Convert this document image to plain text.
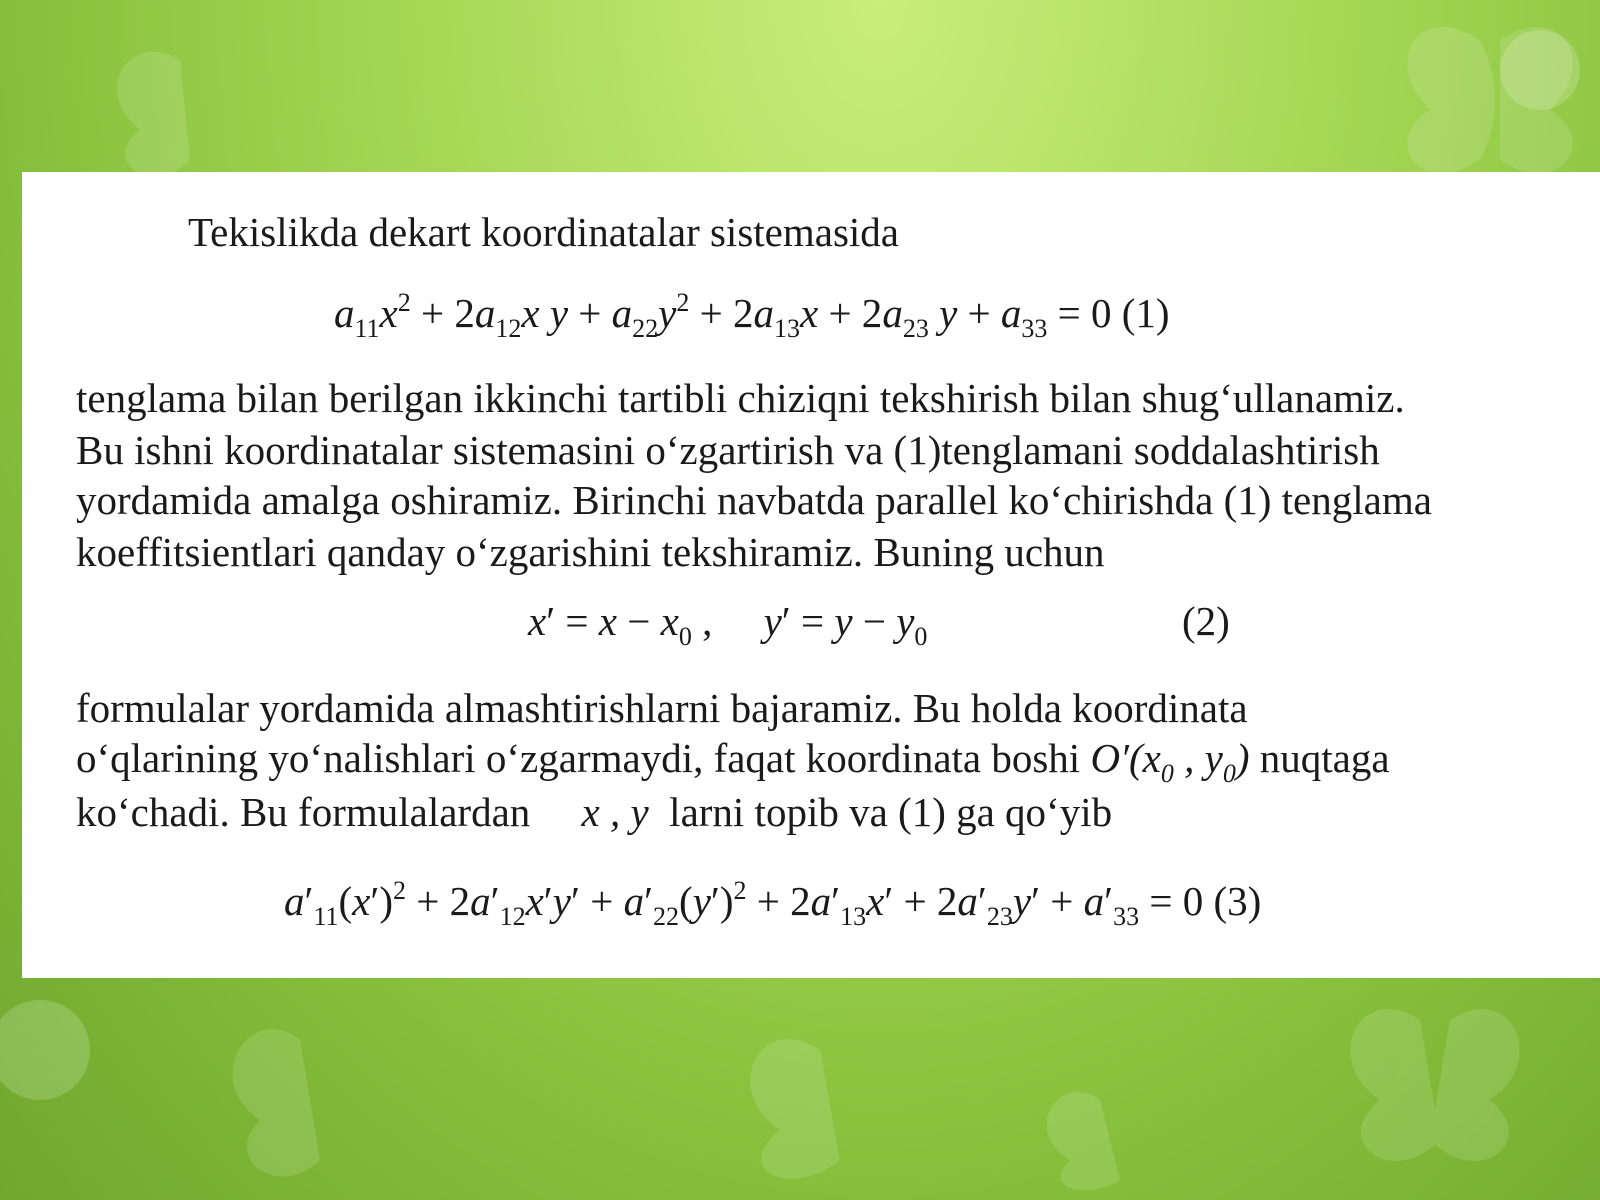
Tekislikda dekart koordinatalar sistemasida
$a_{11}x^2 + 2a_{12}x$ $y + a_{22}y^2 + 2a_{13}x + 2a_{23}$ $y + a_{33} = 0$ (1)
tenglama bilan berilgan ikkinchi tartibli chiziqni tekshirish bilan shug‘ullanamiz.
Bu ishni koordinatalar sistemasini o‘zgartirish va (1)tenglamani soddalashtirish
yordamida amalga oshiramiz. Birinchi navbatda parallel ko‘chirishda (1) tenglama
koeffitsientlari qanday o‘zgarishini tekshiramiz. Buning uchun
$x' = x - x_0$ ,     $y' = y - y_0$	(2)
formulalar yordamida almashtirishlarni bajaramiz. Bu holda koordinata
o‘qlarining yo‘nalishlari o‘zgarmaydi, faqat koordinata boshi $O'(x_0$ , $y_0$) nuqtaga
ko‘chadi. Bu formulalardan x , y larni topib va (1) ga qo‘yib
$a'_{11}(x')^2 + 2a'_{12}x'y' + a'_{22}(y')^2 + 2a'_{13}x' + 2a'_{23}y' + a'_{33} = 0$ (3)
